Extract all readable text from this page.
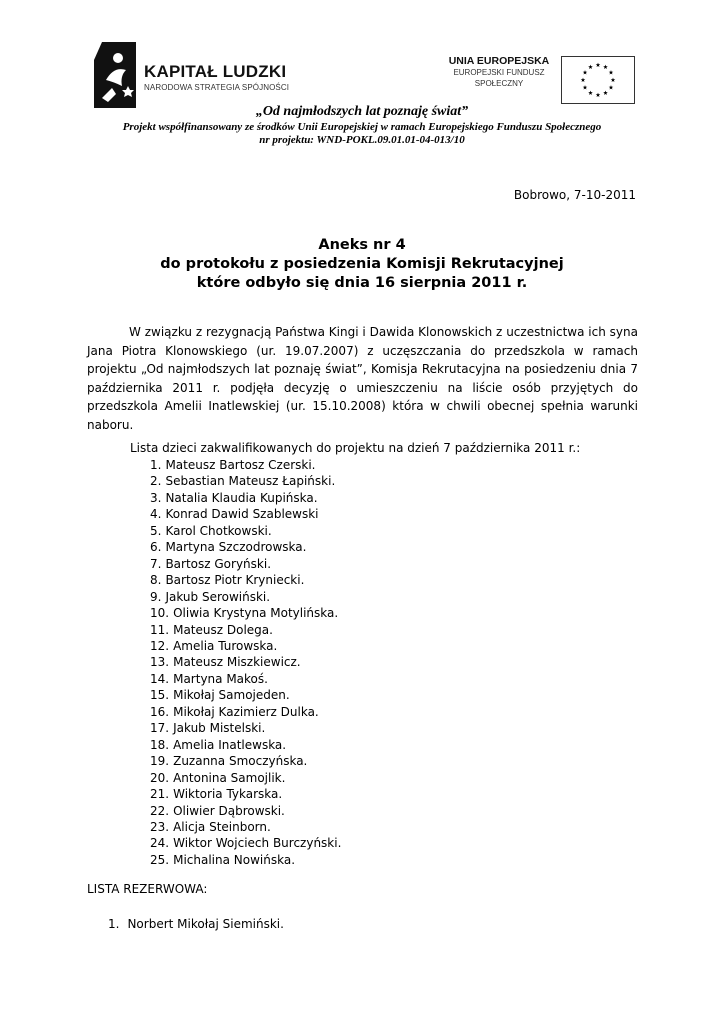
KAPITAŁ LUDZKI
NARODOWA STRATEGIA SPÓJNOŚCI
UNIA EUROPEJSKA
EUROPEJSKI FUNDUSZ
SPOŁECZNY
„Od najmłodszych lat poznaję świat”
Projekt współfinansowany ze środków Unii Europejskiej w ramach Europejskiego Funduszu Społecznego
nr projektu: WND-POKL.09.01.01-04-013/10
Bobrowo, 7-10-2011
Aneks nr 4
do protokołu z posiedzenia Komisji Rekrutacyjnej
które odbyło się dnia 16 sierpnia 2011 r.
W związku z rezygnacją Państwa Kingi i Dawida Klonowskich z uczestnictwa ich syna Jana Piotra Klonowskiego (ur. 19.07.2007) z uczęszczania do przedszkola w ramach projektu „Od najmłodszych lat poznaję świat”, Komisja Rekrutacyjna na posiedzeniu dnia 7 października 2011 r. podjęła decyzję o umieszczeniu na liście osób przyjętych do przedszkola Amelii Inatlewskiej (ur. 15.10.2008) która w chwili obecnej spełnia warunki naboru.
Lista dzieci zakwalifikowanych do projektu na dzień 7 października 2011 r.:
1. Mateusz Bartosz Czerski.
2. Sebastian Mateusz Łapiński.
3. Natalia Klaudia Kupińska.
4. Konrad Dawid Szablewski
5. Karol Chotkowski.
6. Martyna Szczodrowska.
7. Bartosz Goryński.
8. Bartosz Piotr Kryniecki.
9. Jakub Serowiński.
10. Oliwia Krystyna Motylińska.
11. Mateusz Dolega.
12. Amelia Turowska.
13. Mateusz Miszkiewicz.
14. Martyna Makoś.
15. Mikołaj Samojeden.
16. Mikołaj Kazimierz Dulka.
17. Jakub Mistelski.
18. Amelia Inatlewska.
19. Zuzanna Smoczyńska.
20. Antonina Samojlik.
21. Wiktoria Tykarska.
22. Oliwier Dąbrowski.
23. Alicja Steinborn.
24. Wiktor Wojciech Burczyński.
25. Michalina Nowińska.
LISTA REZERWOWA:
1. Norbert Mikołaj Siemiński.
